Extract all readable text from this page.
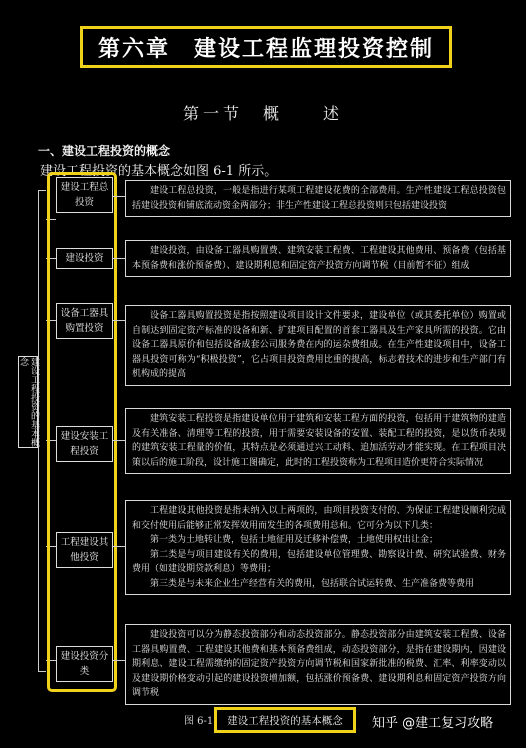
第六章　建设工程监理投资控制
第一节　概　　述
一、建设工程投资的概念
建设工程投资的基本概念如图 6-1 所示。
建设工程投资的基本概念
建设工程总投资
建设投资
设备工器具购置投资
建设安装工程投资
工程建设其他投资
建设投资分类

建设工程总投资，一般是指进行某项工程建设花费的全部费用。生产性建设工程总投资包括建设投资和铺底流动资金两部分；非生产性建设工程总投资则只包括建设投资

建设投资，由设备工器具购置费、建筑安装工程费、工程建设其他费用、预备费（包括基本预备费和涨价预备费）、建设期利息和固定资产投资方向调节税（目前暂不征）组成

设备工器具购置投资是指按照建设项目设计文件要求，建设单位（或其委托单位）购置或自制达到固定资产标准的设备和新、扩建项目配置的首套工器具及生产家具所需的投资。它由设备工器具原价和包括设备成套公司服务费在内的运杂费组成。在生产性建设项目中，设备工器具投资可称为“积极投资”，它占项目投资费用比重的提高，标志着技术的进步和生产部门有机构成的提高

建筑安装工程投资是指建设单位用于建筑和安装工程方面的投资，包括用于建筑物的建造及有关准备、清理等工程的投资，用于需要安装设备的安置、装配工程的投资，是以货币表现的建筑安装工程量的价值，其特点是必须通过兴工动料、追加活劳动才能实现。在工程项目决策以后的施工阶段，设计施工图确定，此时的工程投资称为工程项目造价更符合实际情况

工程建设其他投资是指未纳入以上两项的，由项目投资支付的、为保证工程建设顺利完成和交付使用后能够正常发挥效用而发生的各项费用总和。它可分为以下几类：

第一类为土地转让费，包括土地征用及迁移补偿费，土地使用权出让金；

第二类是与项目建设有关的费用，包括建设单位管理费、勘察设计费、研究试验费、财务费用（如建设期贷款利息）等费用；

第三类是与未来企业生产经营有关的费用，包括联合试运转费、生产准备费等费用

建设投资可以分为静态投资部分和动态投资部分。静态投资部分由建筑安装工程费、设备工器具购置费、工程建设其他费和基本预备费组成，动态投资部分，是指在建设期内，因建设期利息、建设工程需缴纳的固定资产投资方向调节税和国家新批准的税费、汇率、利率变动以及建设期价格变动引起的建设投资增加额，包括涨价预备费、建设期利息和固定资产投资方向调节税

图 6-1	建设工程投资的基本概念	知乎 @建工复习攻略
